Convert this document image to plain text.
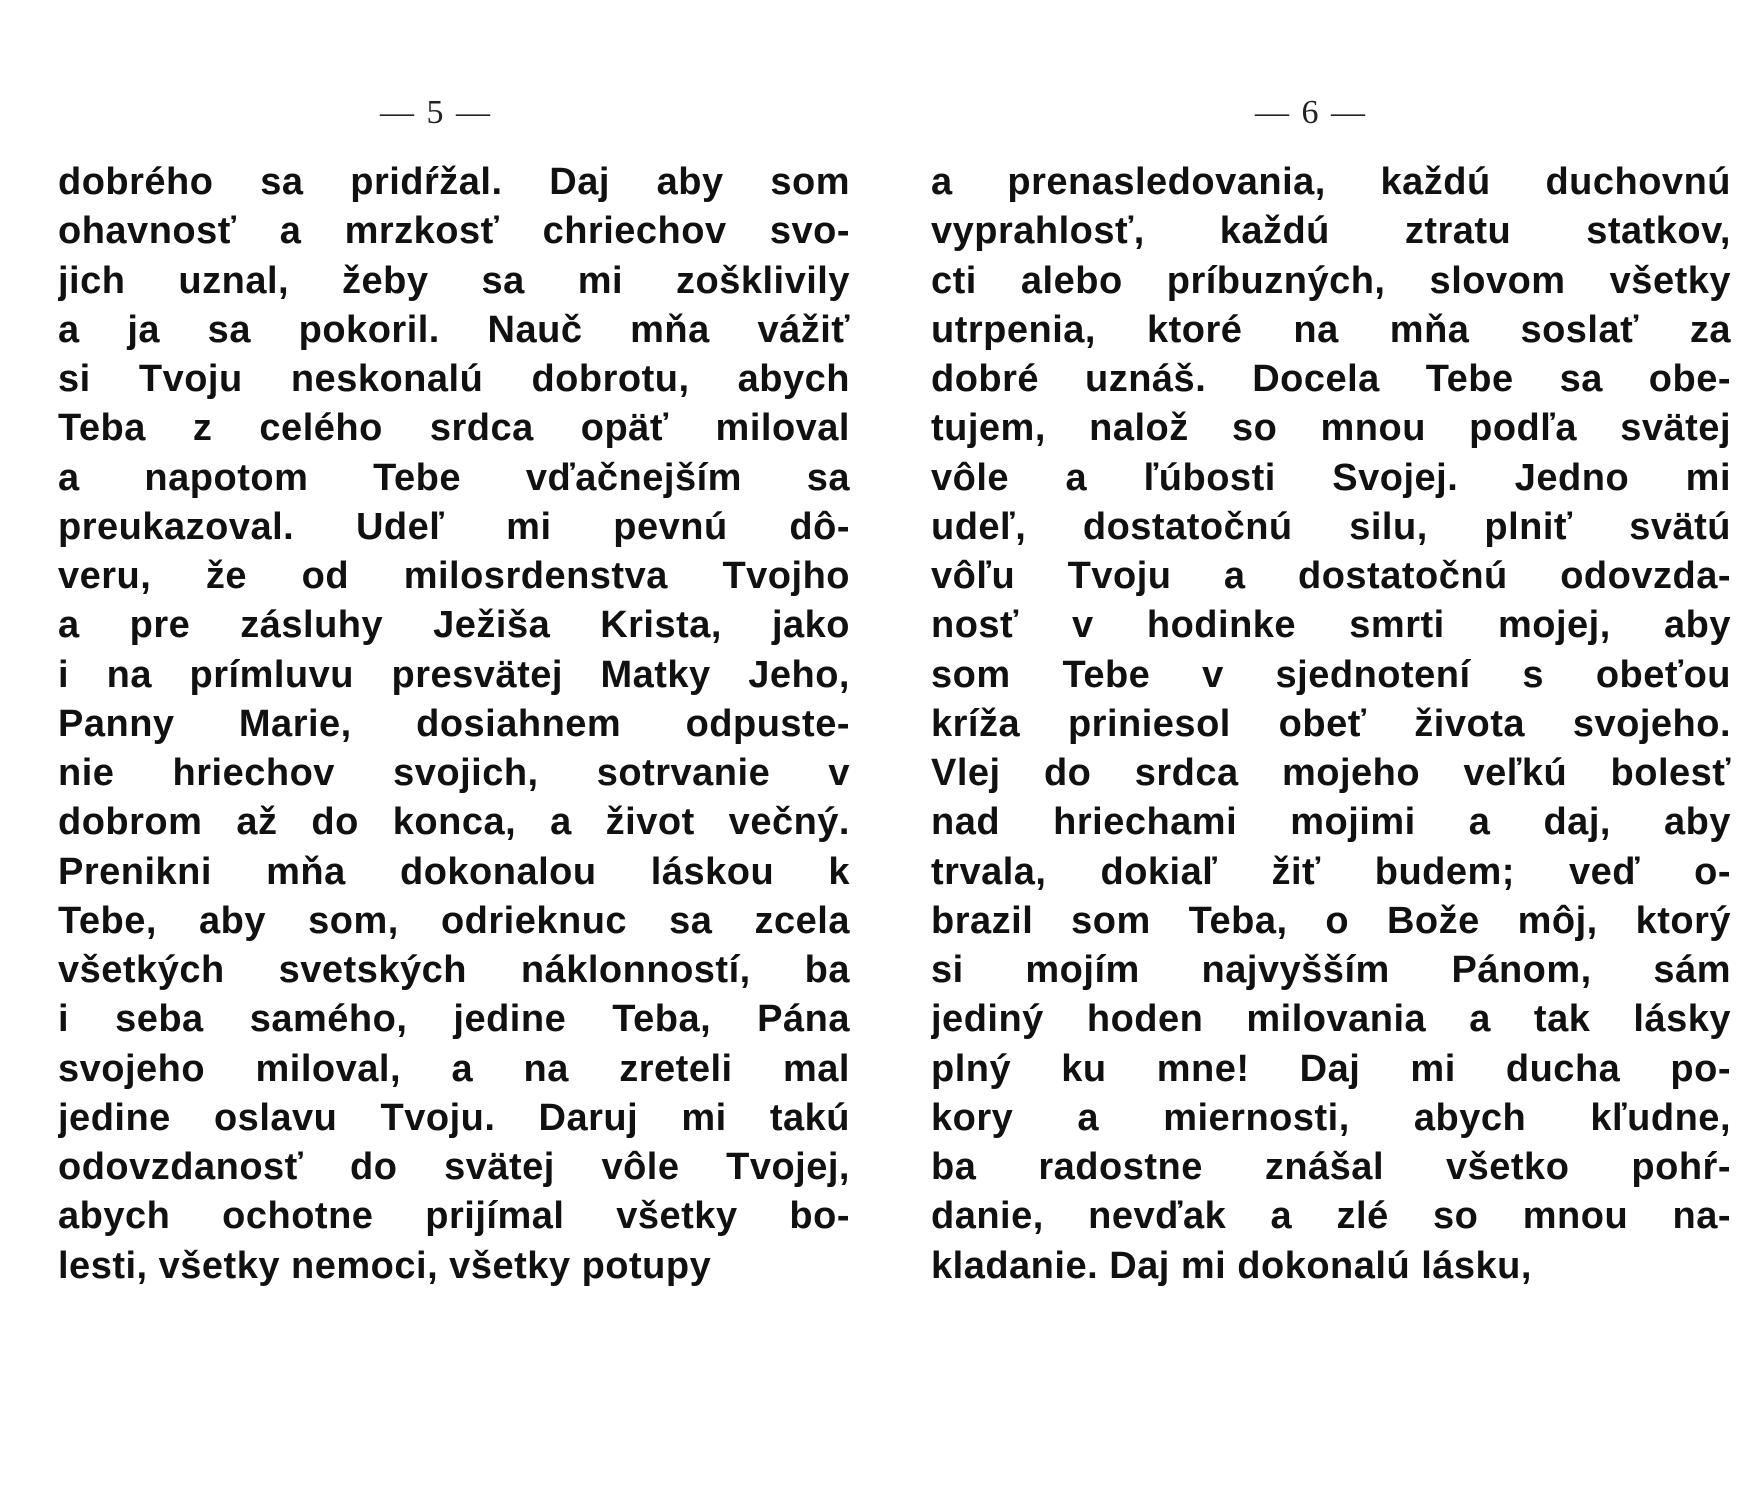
— 5 —
dobrého sa pridŕžal. Daj aby som
ohavnosť a mrzkosť chriechov svo-
jich uznal, žeby sa mi zošklivily
a ja sa pokoril. Nauč mňa vážiť
si Tvoju neskonalú dobrotu, abych
Teba z celého srdca opäť miloval
a napotom Tebe vďačnejším sa
preukazoval. Udeľ mi pevnú dô-
veru, že od milosrdenstva Tvojho
a pre zásluhy Ježiša Krista, jako
i na prímluvu presvätej Matky Jeho,
Panny Marie, dosiahnem odpuste-
nie hriechov svojich, sotrvanie v
dobrom až do konca, a život večný.
Prenikni mňa dokonalou láskou k
Tebe, aby som, odrieknuc sa zcela
všetkých svetských náklonností, ba
i seba samého, jedine Teba, Pána
svojeho miloval, a na zreteli mal
jedine oslavu Tvoju. Daruj mi takú
odovzdanosť do svätej vôle Tvojej,
abych ochotne prijímal všetky bo-
lesti, všetky nemoci, všetky potupy
— 6 —
a prenasledovania, každú duchovnú
vyprahlosť, každú ztratu statkov,
cti alebo príbuzných, slovom všetky
utrpenia, ktoré na mňa soslať za
dobré uznáš. Docela Tebe sa obe-
tujem, nalož so mnou podľa svätej
vôle a ľúbosti Svojej. Jedno mi
udeľ, dostatočnú silu, plniť svätú
vôľu Tvoju a dostatočnú odovzda-
nosť v hodinke smrti mojej, aby
som Tebe v sjednotení s obeťou
kríža priniesol obeť života svojeho.
Vlej do srdca mojeho veľkú bolesť
nad hriechami mojimi a daj, aby
trvala, dokiaľ žiť budem; veď o-
brazil som Teba, o Bože môj, ktorý
si mojím najvyšším Pánom, sám
jediný hoden milovania a tak lásky
plný ku mne! Daj mi ducha po-
kory a miernosti, abych kľudne,
ba radostne znášal všetko pohŕ-
danie, nevďak a zlé so mnou na-
kladanie. Daj mi dokonalú lásku,
